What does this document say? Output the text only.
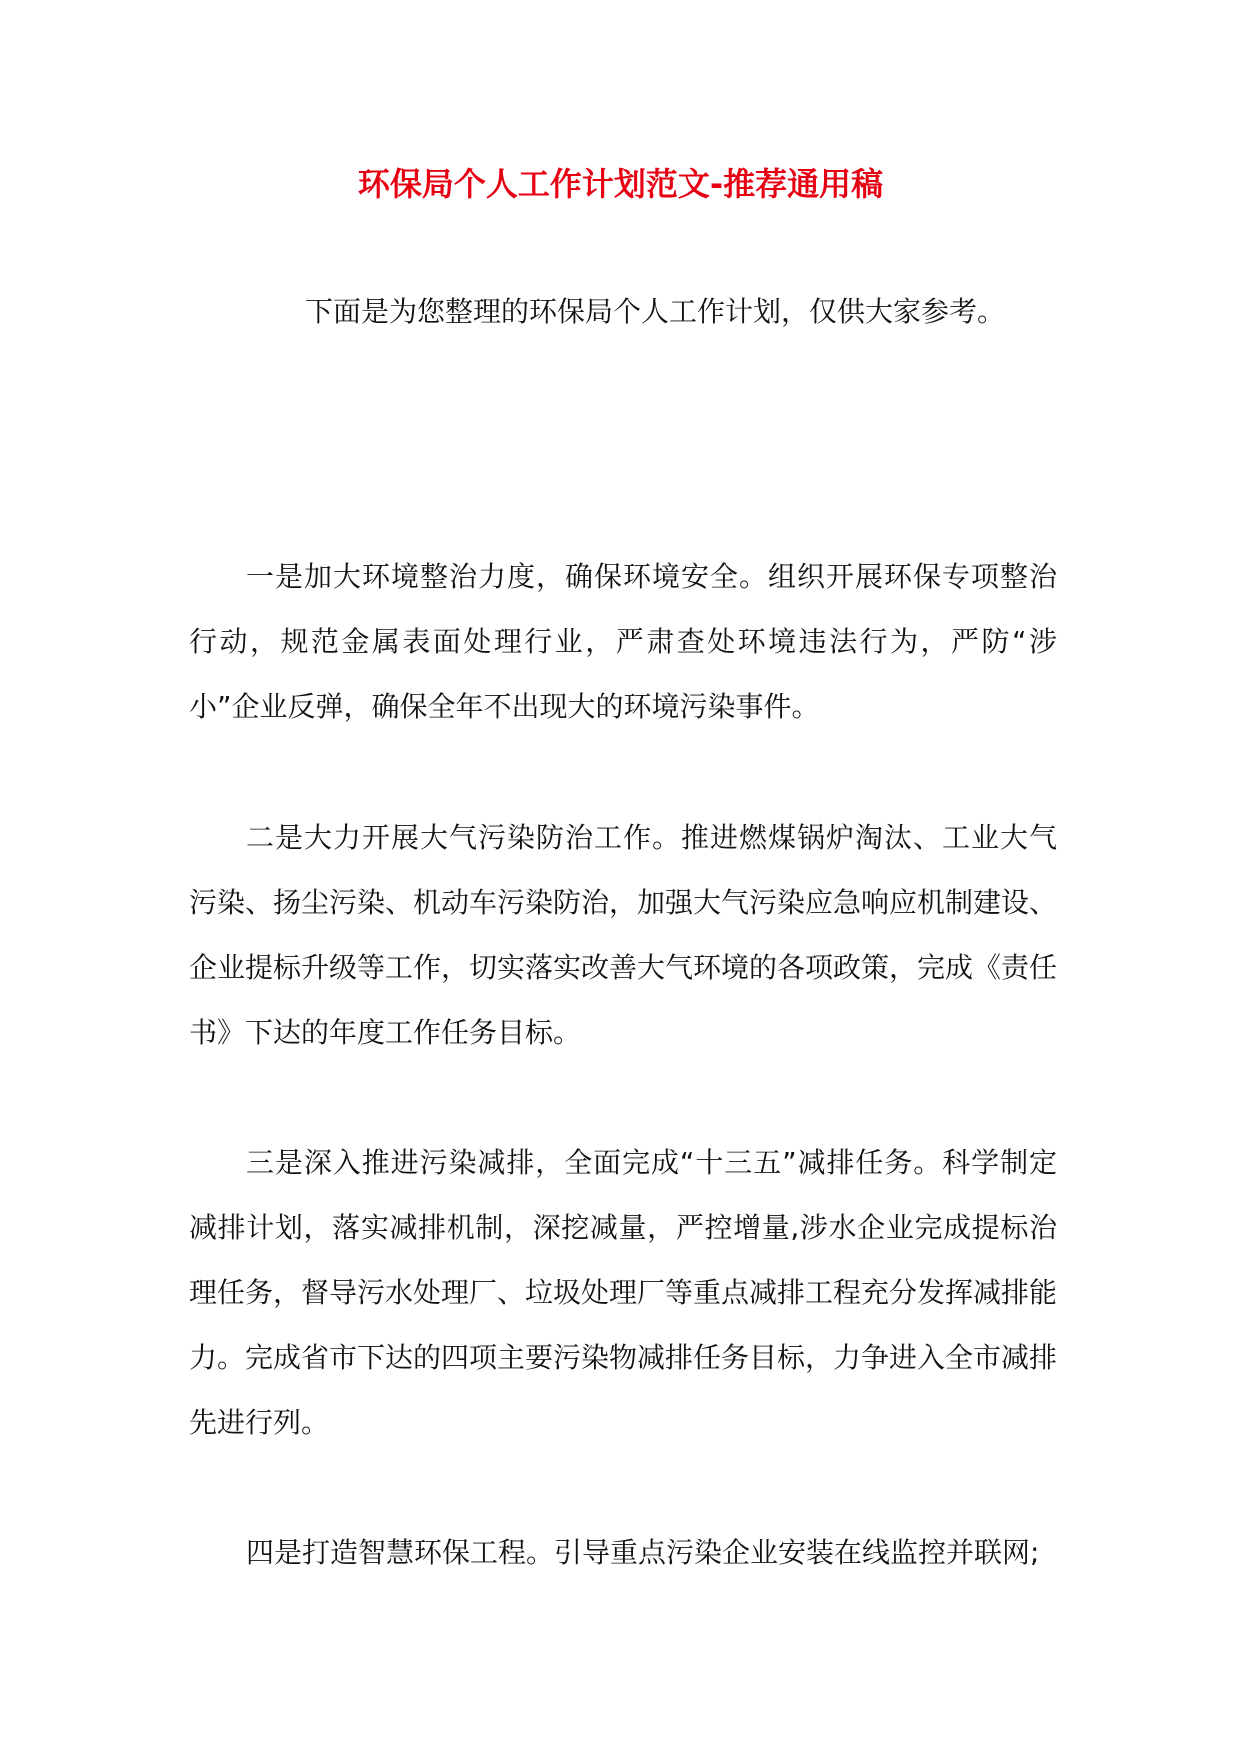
环保局个人工作计划范文-推荐通用稿

下面是为您整理的环保局个人工作计划，仅供大家参考。

一是加大环境整治力度，确保环境安全。组织开展环保专项整治行动，规范金属表面处理行业，严肃查处环境违法行为，严防“涉小”企业反弹，确保全年不出现大的环境污染事件。

二是大力开展大气污染防治工作。推进燃煤锅炉淘汰、工业大气污染、扬尘污染、机动车污染防治，加强大气污染应急响应机制建设、企业提标升级等工作，切实落实改善大气环境的各项政策，完成《责任书》下达的年度工作任务目标。

三是深入推进污染减排，全面完成“十三五”减排任务。科学制定减排计划，落实减排机制，深挖减量，严控增量,涉水企业完成提标治理任务，督导污水处理厂、垃圾处理厂等重点减排工程充分发挥减排能力。完成省市下达的四项主要污染物减排任务目标，力争进入全市减排先进行列。

四是打造智慧环保工程。引导重点污染企业安装在线监控并联网;
